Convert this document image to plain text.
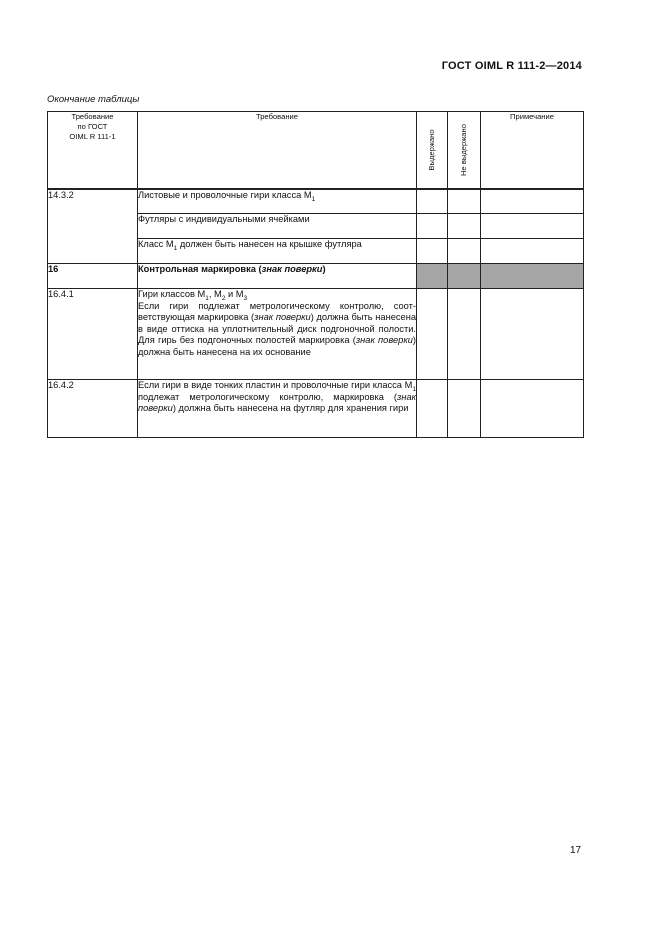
ГОСТ OIML R 111-2—2014
Окончание таблицы
Требование
по ГОСТ
OIML R 111-1	Требование	Выдержано	Не выдержано	Примечание
14.3.2	Листовые и проволочные гири класса $М_1$			
	Футляры с индивидуальными ячейками			
	Класс $М_1$ должен быть нанесен на крышке футляра			
16	Контрольная маркировка (знак поверки)			
16.4.1	Гири классов $М_1$, $М_2$ и $М_3$
Если гири подлежат метрологическому контролю, соответствующая маркировка (знак поверки) должна быть нанесена в виде оттиска на уплотнительный диск подгоночной полости. Для гирь без подгоночных полостей маркировка (знак поверки) должна быть нанесена на их основание			
16.4.2	Если гири в виде тонких пластин и проволочные гири класса $М_1$ подлежат метрологическому контролю, маркировка (знак поверки) должна быть нанесена на футляр для хранения гири			
17
